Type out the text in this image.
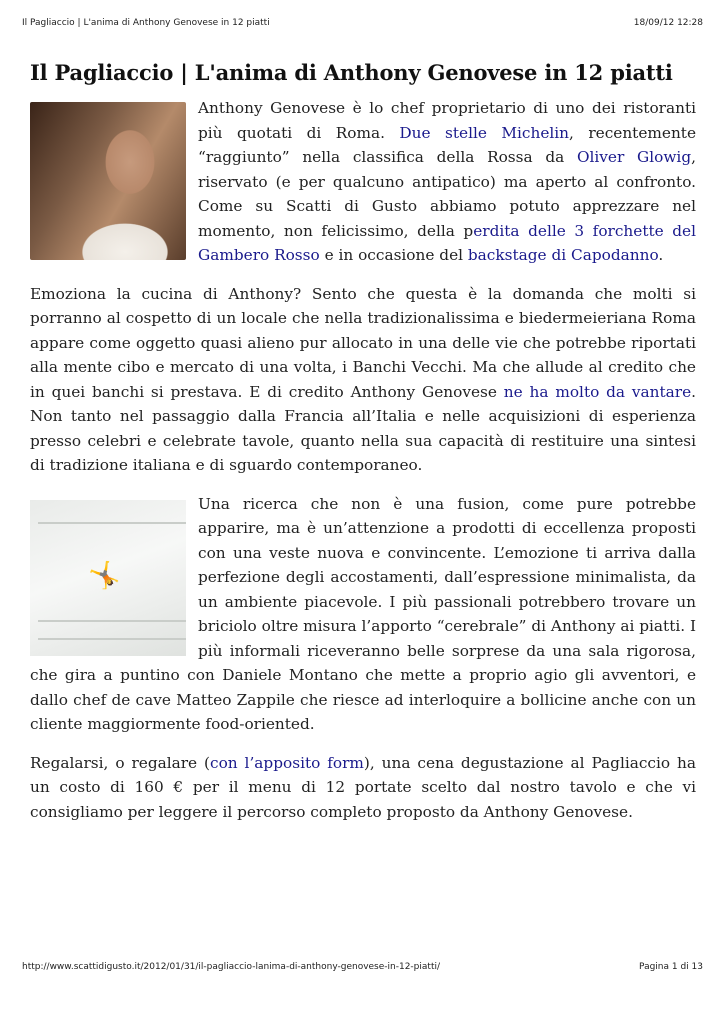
Il Pagliaccio | L'anima di Anthony Genovese in 12 piatti	18/09/12 12:28
Il Pagliaccio | L'anima di Anthony Genovese in 12 piatti

Anthony Genovese è lo chef proprietario di uno dei ristoranti più quotati di Roma. Due stelle Michelin, recentemente “raggiunto” nella classifica della Rossa da Oliver Glowig, riservato (e per qualcuno antipatico) ma aperto al confronto. Come su Scatti di Gusto abbiamo potuto apprezzare nel momento, non felicissimo, della perdita delle 3 forchette del Gambero Rosso e in occasione del backstage di Capodanno.

Emoziona la cucina di Anthony? Sento che questa è la domanda che molti si porranno al cospetto di un locale che nella tradizionalissima e biedermeieriana Roma appare come oggetto quasi alieno pur allocato in una delle vie che potrebbe riportati alla mente cibo e mercato di una volta, i Banchi Vecchi. Ma che allude al credito che in quei banchi si prestava. E di credito Anthony Genovese ne ha molto da vantare. Non tanto nel passaggio dalla Francia all’Italia e nelle acquisizioni di esperienza presso celebri e celebrate tavole, quanto nella sua capacità di restituire una sintesi di tradizione italiana e di sguardo contemporaneo.

🤸
Una ricerca che non è una fusion, come pure potrebbe apparire, ma è un’attenzione a prodotti di eccellenza proposti con una veste nuova e convincente. L’emozione ti arriva dalla perfezione degli accostamenti, dall’espressione minimalista, da un ambiente piacevole. I più passionali potrebbero trovare un briciolo oltre misura l’apporto “cerebrale” di Anthony ai piatti. I più informali riceveranno belle sorprese da una sala rigorosa, che gira a puntino con Daniele Montano che mette a proprio agio gli avventori, e dallo chef de cave Matteo Zappile che riesce ad interloquire a bollicine anche con un cliente maggiormente food-oriented.

Regalarsi, o regalare (con l’apposito form), una cena degustazione al Pagliaccio ha un costo di 160 € per il menu di 12 portate scelto dal nostro tavolo e che vi consigliamo per leggere il percorso completo proposto da Anthony Genovese.

http://www.scattidigusto.it/2012/01/31/il-pagliaccio-lanima-di-anthony-genovese-in-12-piatti/	Pagina 1 di 13
